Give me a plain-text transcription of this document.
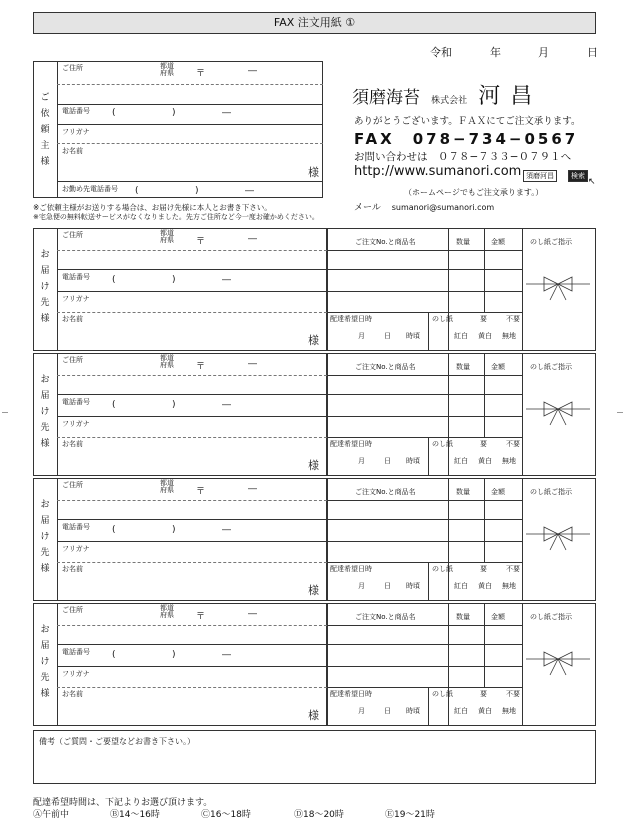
FAX 注文用紙 ①
令和	年	月	日
ご依頼主様
ご住所	都道
府県 〒	―
電話番号 (	)	―
フリガナ
お名前
様
お勤め先電話番号 (	)	―
須磨海苔 株式会社 河昌
ありがとうございます。ＦＡＸにてご注文承ります。
FAX　078−734−0567
お問い合わせは　０７８−７３３−０７９１へ
http://www.sumanori.com 須磨河昌	検索
↖
（ホームページでもご注文承ります。）
メール sumanori@sumanori.com
※ご依頼主様がお送りする場合は、お届け先様に本人とお書き下さい。
※宅急便の無料転送サービスがなくなりました。先方ご住所など今一度お確かめください。
お届け先様
ご住所	都道
府県 〒	―
電話番号 (	)	―
フリガナ
お名前
様
ご注文No.と商品名	数量	金額	のし紙ご指示
配達希望日時
月	日 時頃
のし紙	要	不要
紅白 黄白 無地
お届け先様
ご住所	都道
府県 〒	―
電話番号 (	)	―
フリガナ
お名前
様
ご注文No.と商品名	数量	金額	のし紙ご指示
配達希望日時
月	日 時頃
のし紙	要	不要
紅白 黄白 無地
お届け先様
ご住所	都道
府県 〒	―
電話番号 (	)	―
フリガナ
お名前
様
ご注文No.と商品名	数量	金額	のし紙ご指示
配達希望日時
月	日 時頃
のし紙	要	不要
紅白 黄白 無地
お届け先様
ご住所	都道
府県 〒	―
電話番号 (	)	―
フリガナ
お名前
様
ご注文No.と商品名	数量	金額	のし紙ご指示
配達希望日時
月	日 時頃
のし紙	要	不要
紅白 黄白 無地
備考（ご質問・ご要望などお書き下さい。）
配達希望時間は、下記よりお選び頂けます。
Ⓐ午前中	Ⓑ14〜16時	Ⓒ16〜18時	Ⓓ18〜20時	Ⓔ19〜21時
